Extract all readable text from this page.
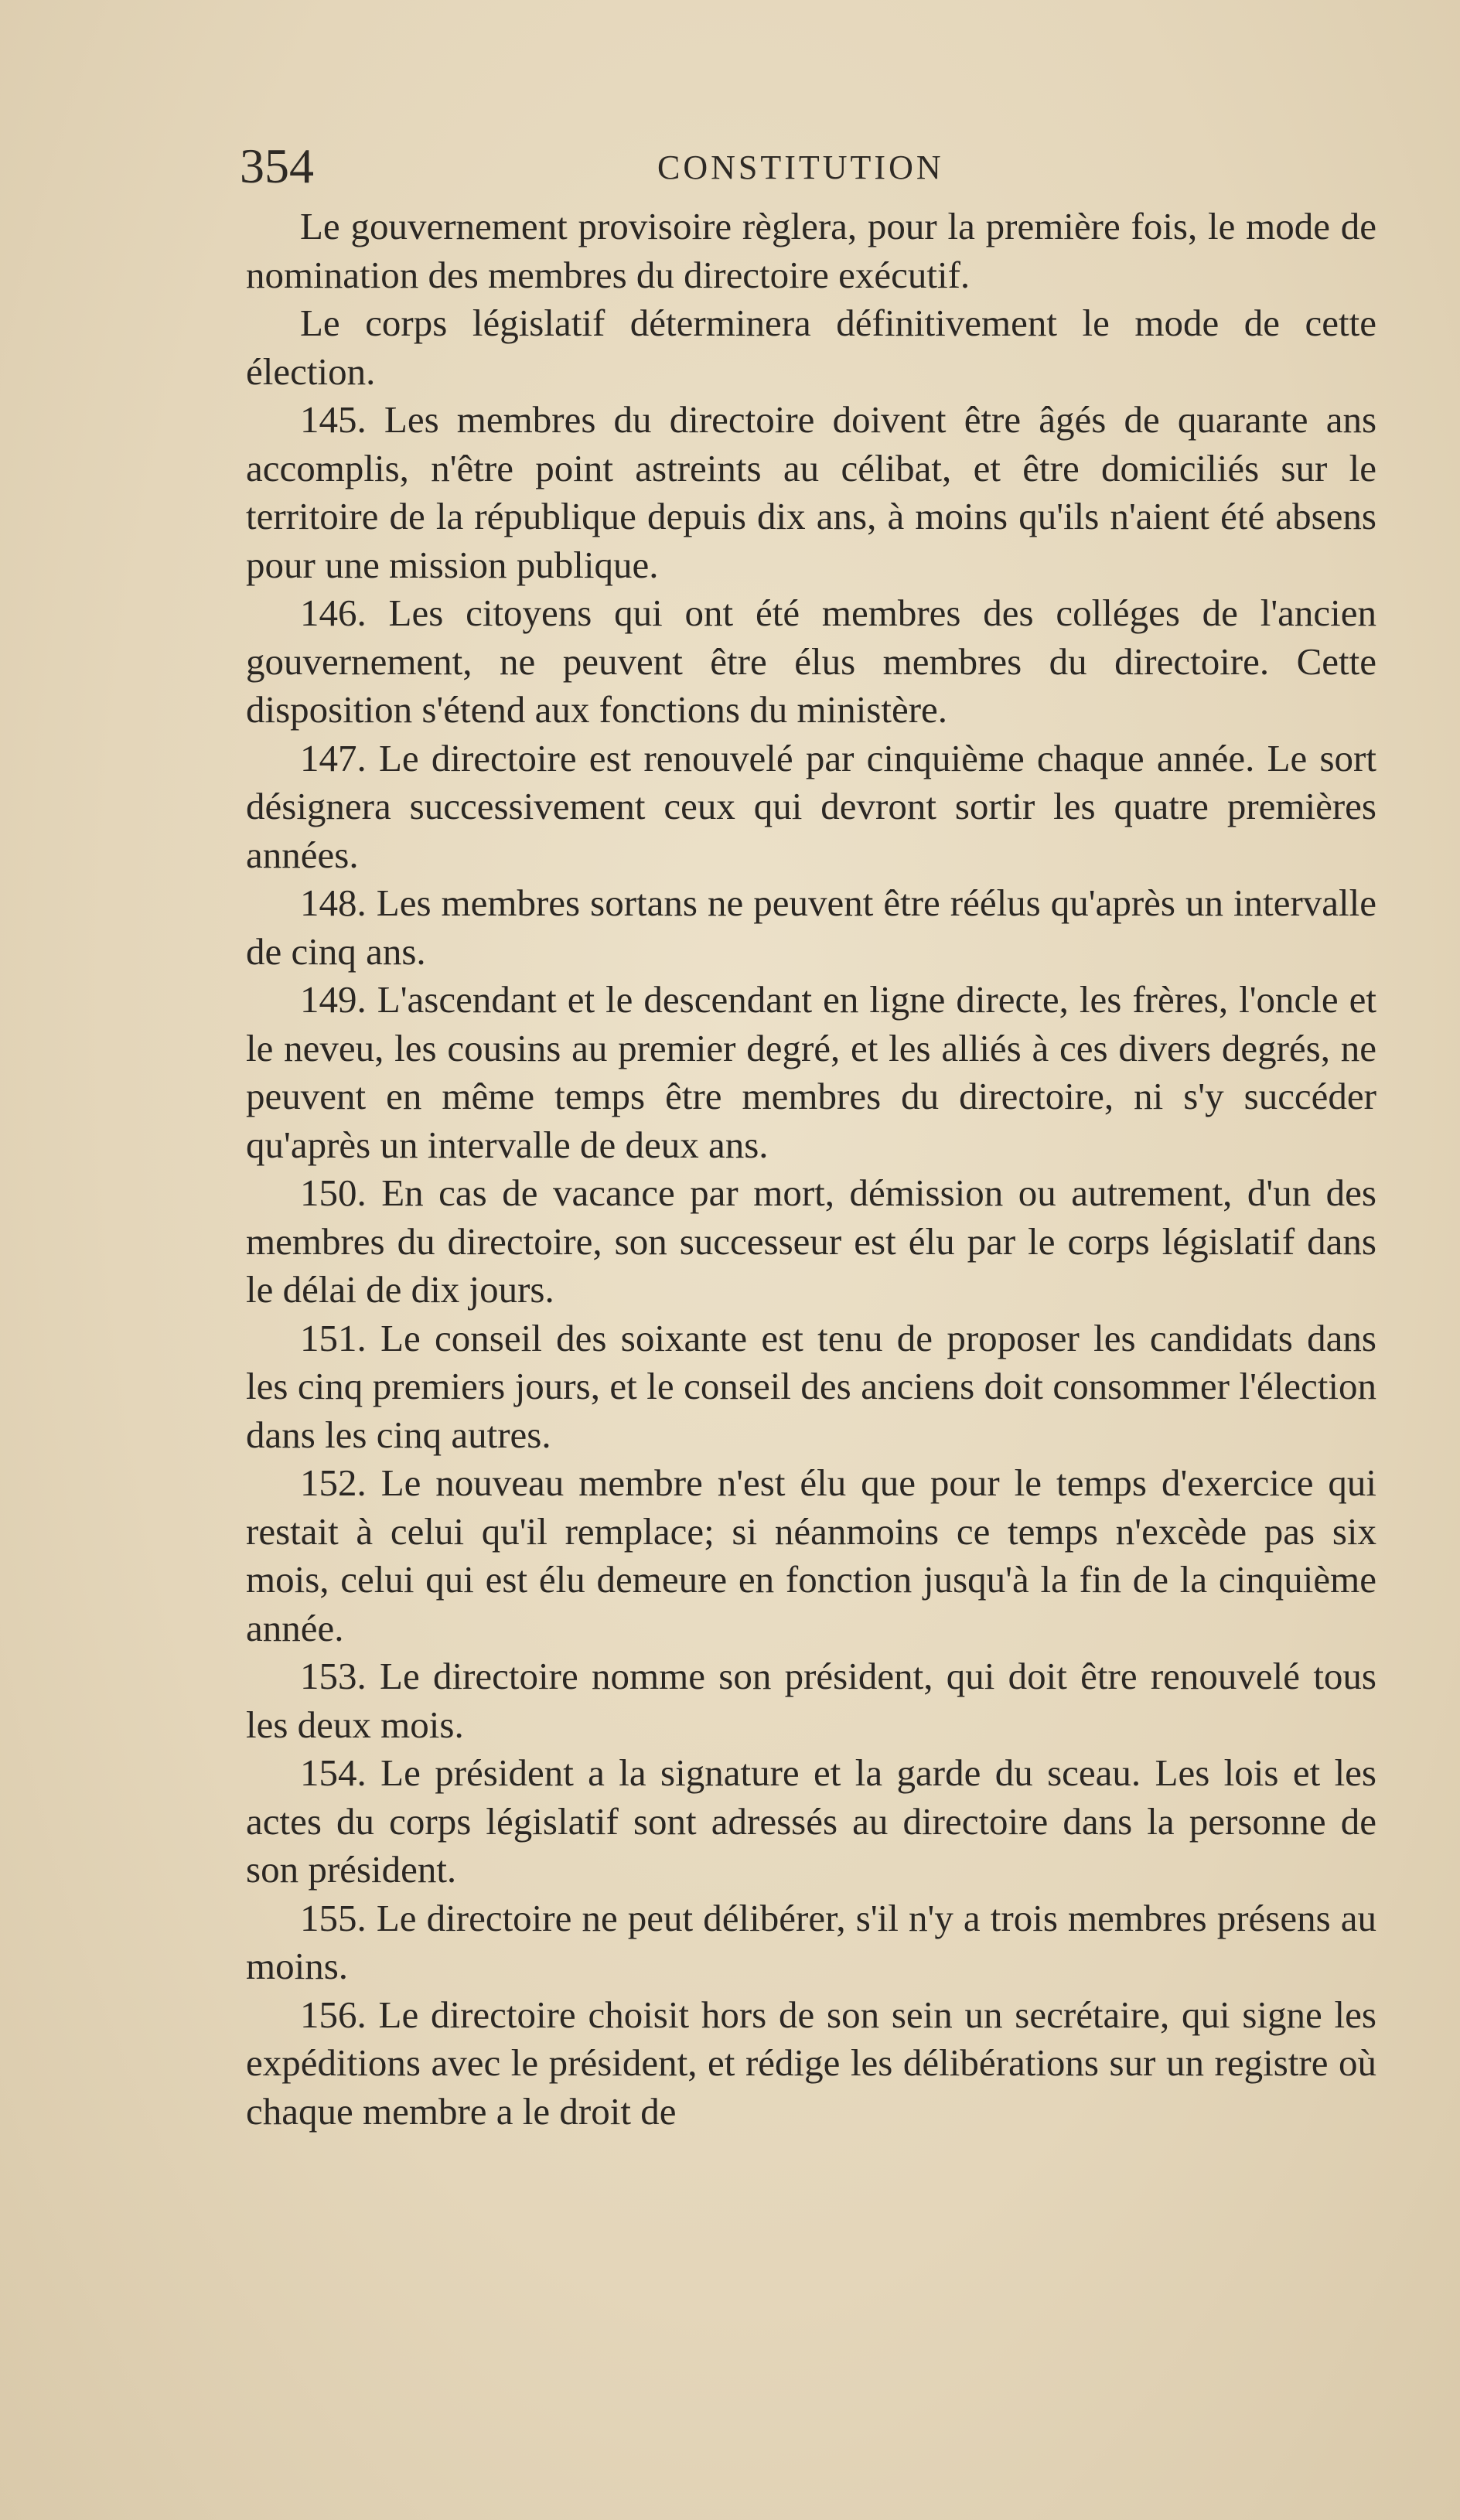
354	CONSTITUTION

Le gouvernement provisoire règlera, pour la première fois, le mode de nomination des membres du directoire exécutif.

Le corps législatif déterminera définitivement le mode de cette élection.

145. Les membres du directoire doivent être âgés de quarante ans accomplis, n'être point astreints au célibat, et être domiciliés sur le territoire de la république depuis dix ans, à moins qu'ils n'aient été absens pour une mission publique.

146. Les citoyens qui ont été membres des colléges de l'ancien gouvernement, ne peuvent être élus membres du directoire. Cette disposition s'étend aux fonctions du ministère.

147. Le directoire est renouvelé par cinquième chaque année. Le sort désignera successivement ceux qui devront sortir les quatre premières années.

148. Les membres sortans ne peuvent être réélus qu'après un intervalle de cinq ans.

149. L'ascendant et le descendant en ligne directe, les frères, l'oncle et le neveu, les cousins au premier degré, et les alliés à ces divers degrés, ne peuvent en même temps être membres du directoire, ni s'y succéder qu'après un intervalle de deux ans.

150. En cas de vacance par mort, démission ou autrement, d'un des membres du directoire, son successeur est élu par le corps législatif dans le délai de dix jours.

151. Le conseil des soixante est tenu de proposer les candidats dans les cinq premiers jours, et le conseil des anciens doit consommer l'élection dans les cinq autres.

152. Le nouveau membre n'est élu que pour le temps d'exercice qui restait à celui qu'il remplace; si néanmoins ce temps n'excède pas six mois, celui qui est élu demeure en fonction jusqu'à la fin de la cinquième année.

153. Le directoire nomme son président, qui doit être renouvelé tous les deux mois.

154. Le président a la signature et la garde du sceau. Les lois et les actes du corps législatif sont adressés au directoire dans la personne de son président.

155. Le directoire ne peut délibérer, s'il n'y a trois membres présens au moins.

156. Le directoire choisit hors de son sein un secrétaire, qui signe les expéditions avec le président, et rédige les délibérations sur un registre où chaque membre a le droit de
